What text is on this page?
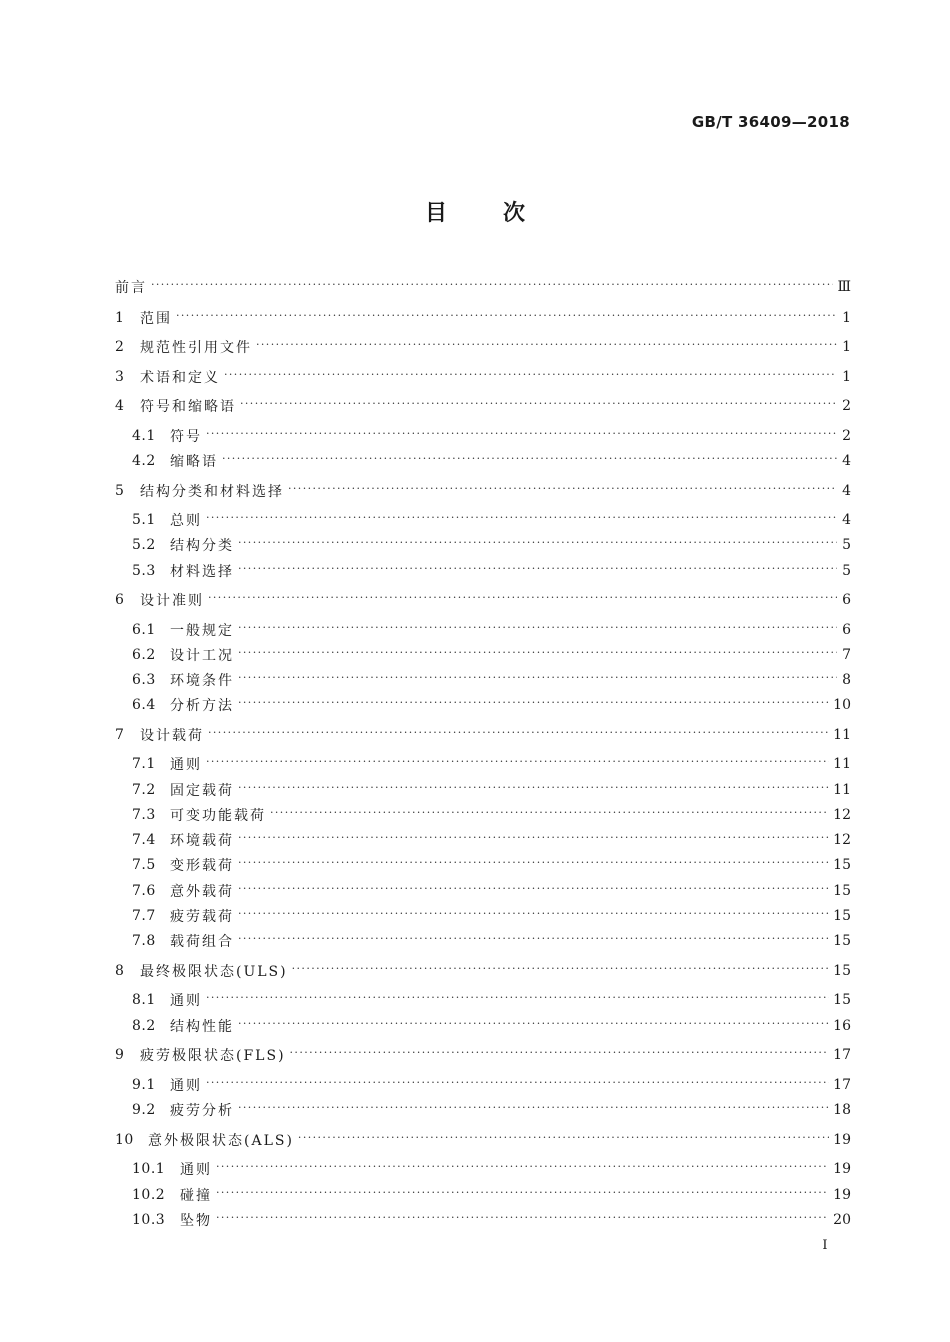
GB/T 36409—2018
目	次
前言 ·····	Ⅲ
1	范围 ·····	1
2	规范性引用文件 ·····	1
3	术语和定义 ·····	1
4	符号和缩略语 ·····	2
4.1	符号 ·····	2
4.2	缩略语 ·····	4
5	结构分类和材料选择 ·····	4
5.1	总则 ·····	4
5.2	结构分类 ·····	5
5.3	材料选择 ·····	5
6	设计准则 ·····	6
6.1	一般规定 ·····	6
6.2	设计工况 ·····	7
6.3	环境条件 ·····	8
6.4	分析方法 ·····	10
7	设计载荷 ·····	11
7.1	通则 ·····	11
7.2	固定载荷 ·····	11
7.3	可变功能载荷 ·····	12
7.4	环境载荷 ·····	12
7.5	变形载荷 ·····	15
7.6	意外载荷 ·····	15
7.7	疲劳载荷 ·····	15
7.8	载荷组合 ·····	15
8	最终极限状态(ULS) ·····	15
8.1	通则 ·····	15
8.2	结构性能 ·····	16
9	疲劳极限状态(FLS) ·····	17
9.1	通则 ·····	17
9.2	疲劳分析 ·····	18
10	意外极限状态(ALS) ·····	19
10.1	通则 ·····	19
10.2	碰撞 ·····	19
10.3	坠物 ·····	20
I
